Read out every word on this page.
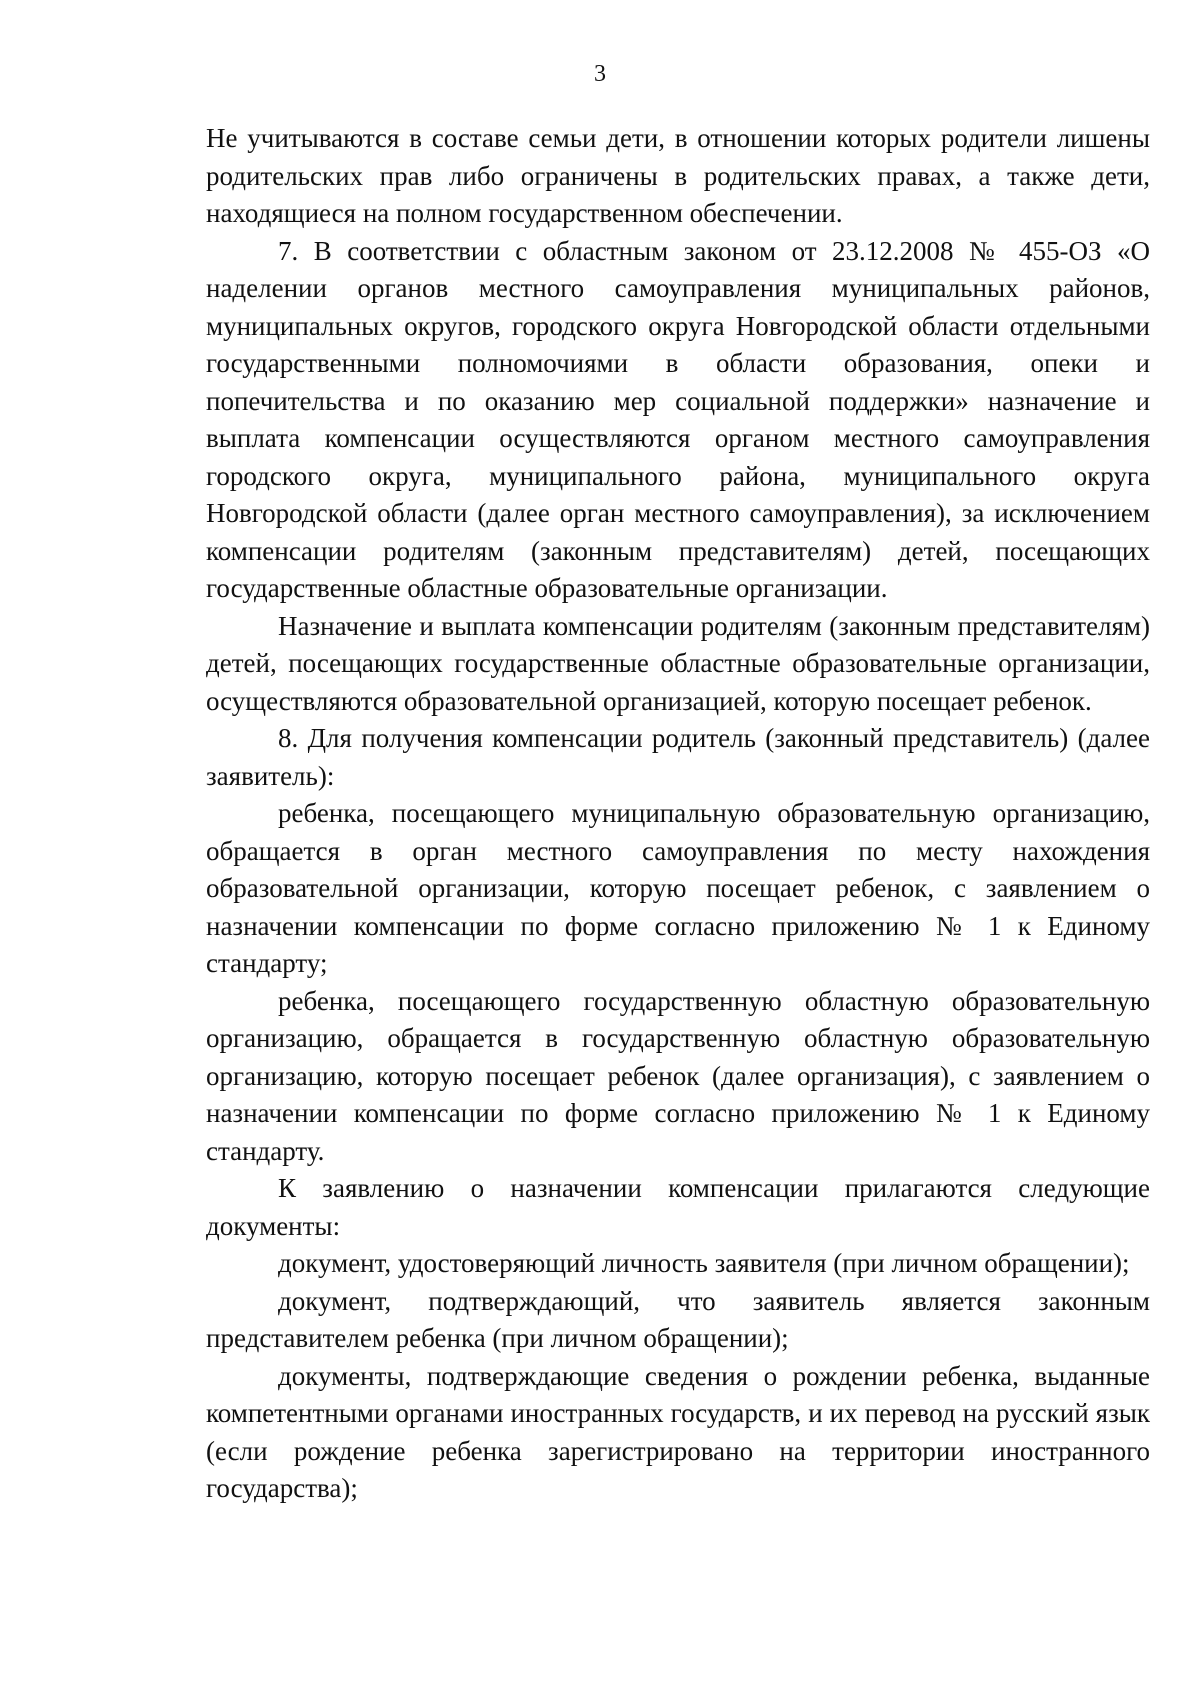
3

Не учитываются в составе семьи дети, в отношении которых родители лишены родительских прав либо ограничены в родительских правах, а также дети, находящиеся на полном государственном обеспечении.

7. В соответствии с областным законом от 23.12.2008 № 455-ОЗ «О наделении органов местного самоуправления муниципальных районов, муниципальных округов, городского округа Новгородской области отдельными государственными полномочиями в области образования, опеки и попечительства и по оказанию мер социальной поддержки» назначение и выплата компенсации осуществляются органом местного самоуправления городского округа, муниципального района, муниципального округа Новгородской области (далее орган местного самоуправления), за исключением компенсации родителям (законным представителям) детей, посещающих государственные областные образовательные организации.

Назначение и выплата компенсации родителям (законным представителям) детей, посещающих государственные областные образовательные организации, осуществляются образовательной организацией, которую посещает ребенок.

8. Для получения компенсации родитель (законный представитель) (далее заявитель):

ребенка, посещающего муниципальную образовательную организацию, обращается в орган местного самоуправления по месту нахождения образовательной организации, которую посещает ребенок, с заявлением о назначении компенсации по форме согласно приложению № 1 к Единому стандарту;

ребенка, посещающего государственную областную образовательную организацию, обращается в государственную областную образовательную организацию, которую посещает ребенок (далее организация), с заявлением о назначении компенсации по форме согласно приложению № 1 к Единому стандарту.

К заявлению о назначении компенсации прилагаются следующие документы:

документ, удостоверяющий личность заявителя (при личном обращении);

документ, подтверждающий, что заявитель является законным представителем ребенка (при личном обращении);

документы, подтверждающие сведения о рождении ребенка, выданные компетентными органами иностранных государств, и их перевод на русский язык (если рождение ребенка зарегистрировано на территории иностранного государства);
